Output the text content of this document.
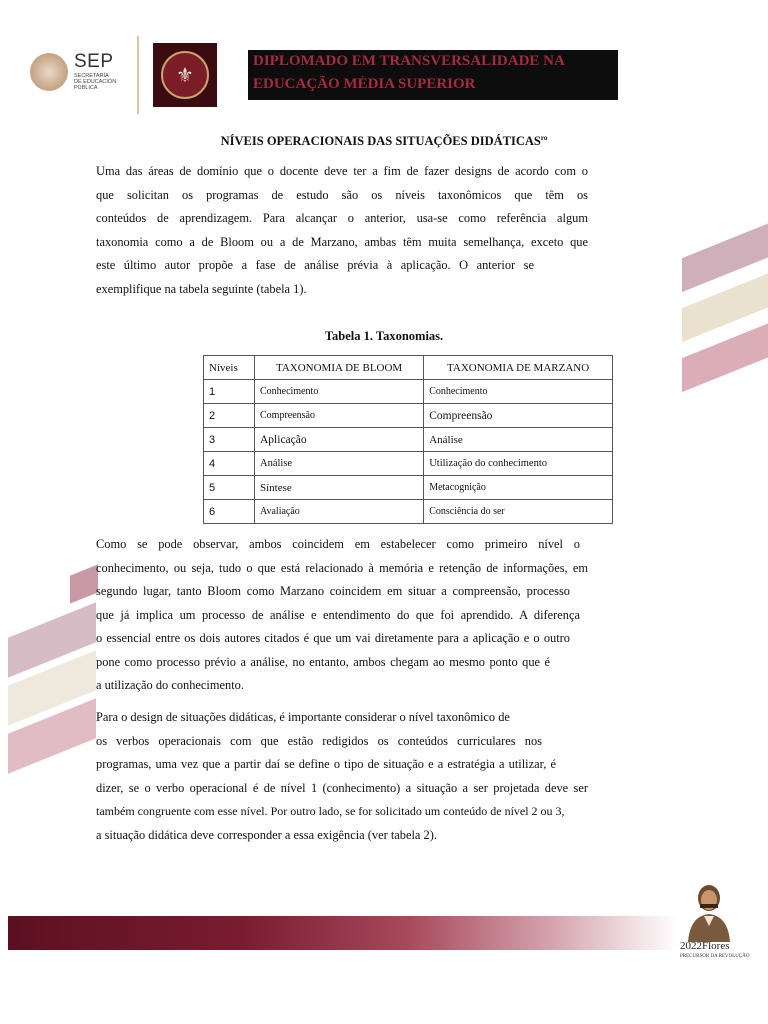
SEP
SECRETARÍA
DE EDUCACIÓN
PÚBLICA
⚜
DIPLOMADO EM TRANSVERSALIDADE NA
EDUCAÇÃO MÉDIA SUPERIOR
NÍVEIS OPERACIONAIS DAS SITUAÇÕES $DIDÁTICAS^{ro}$
Uma das áreas de domínio que o docente deve ter a fim de fazer designs de acordo com o
que solicitan os programas de estudo são os níveis taxonômicos que têm os
conteúdos de aprendizagem. Para alcançar o anterior, usa-se como referência algum
taxonomia como a de Bloom ou a de Marzano, ambas têm muita semelhança, exceto que
este último autor propõe a fase de análise prévia à aplicação. O anterior se
exemplifique na tabela seguinte (tabela 1).
Tabela 1. Taxonomias.
Níveis	TAXONOMIA DE BLOOM	TAXONOMIA DE MARZANO
1	Conhecimento	Conhecimento
2	Compreensão	Compreensão
3	Aplicação	Análise
4	Análise	Utilização do conhecimento
5	Síntese	Metacognição
6	Avaliação	Consciência do ser
Como se pode observar, ambos coincidem em estabelecer como primeiro nível o
conhecimento, ou seja, tudo o que está relacionado à memória e retenção de informações, em
segundo lugar, tanto Bloom como Marzano coincidem em situar a compreensão, processo
que já implica um processo de análise e entendimento do que foi aprendido. A diferença
o essencial entre os dois autores citados é que um vai diretamente para a aplicação e o outro
pone como processo prévio a análise, no entanto, ambos chegam ao mesmo ponto que é
a utilização do conhecimento.
Para o design de situações didáticas, é importante considerar o nível taxonômico de
os verbos operacionais com que estão redigidos os conteúdos curriculares nos
programas, uma vez que a partir daí se define o tipo de situação e a estratégia a utilizar, é
dizer, se o verbo operacional é de nível 1 (conhecimento) a situação a ser projetada deve ser
também congruente com esse nível. Por outro lado, se for solicitado um conteúdo de nível 2 ou 3,
a situação didática deve corresponder a essa exigência (ver tabela 2).
2022Flores
PRECURSOR DA REVOLUÇÃO
